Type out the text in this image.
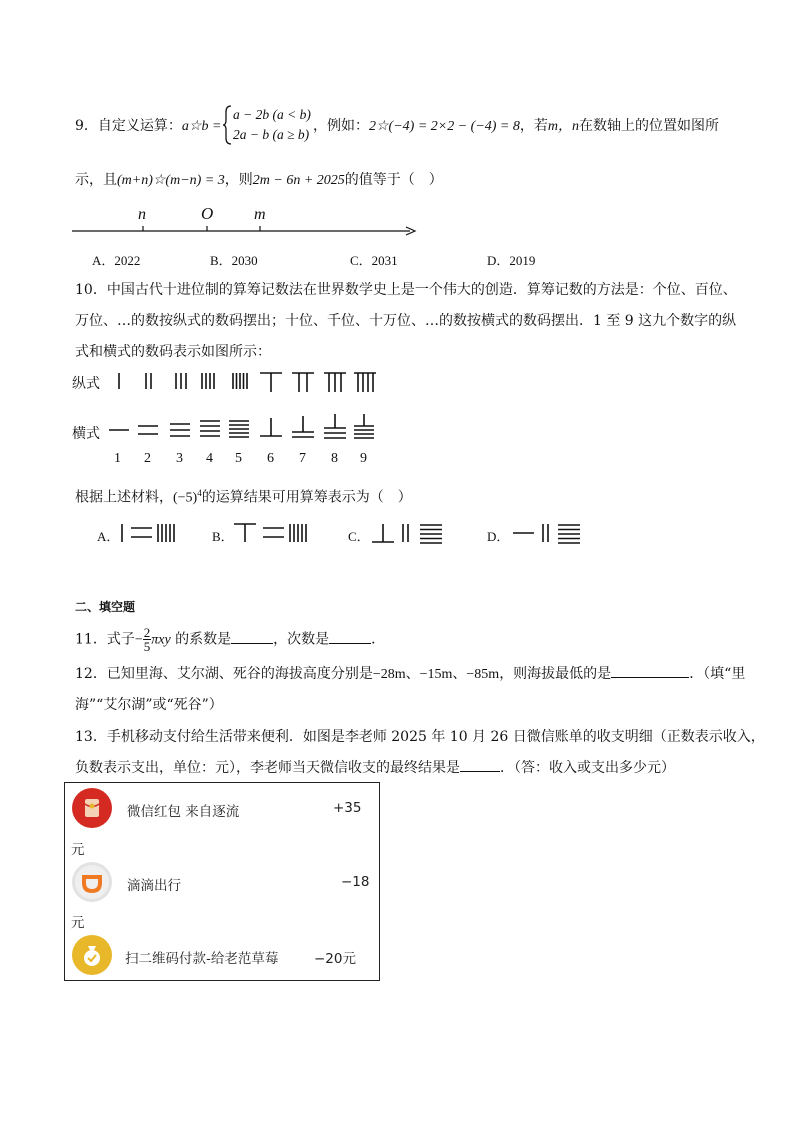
9．自定义运算：a☆b =
a − 2b (a < b)
2a − b (a ≥ b)
，例如：2☆(−4) = 2×2 − (−4) = 8，若m，n在数轴上的位置如图所
示，且(m+n)☆(m−n) = 3，则2m − 6n + 2025的值等于（　）
n	O	m
A．2022	B．2030	C．2031	D．2019
10．中国古代十进位制的算筹记数法在世界数学史上是一个伟大的创造．算筹记数的方法是：个位、百位、
万位、…的数按纵式的数码摆出；十位、千位、十万位、…的数按横式的数码摆出．1 至 9 这九个数字的纵
式和横式的数码表示如图所示：
纵式
横式
1 2 3 4 5 6 7 8 9
根据上述材料，$(-5)^4$的运算结果可用算筹表示为（　）
A．	B．	C．	D．
二、填空题
11．式子− $\frac{2}{5}$ πxy 的系数是	，次数是	．
12．已知里海、艾尔湖、死谷的海拔高度分别是−28m、−15m、−85m，则海拔最低的是	．（填“里
海”“艾尔湖”或“死谷”）
13．手机移动支付给生活带来便利．如图是李老师 2025 年 10 月 26 日微信账单的收支明细（正数表示收入，
负数表示支出，单位：元），李老师当天微信收支的最终结果是	．（答：收入或支出多少元）
微信红包 来自逐流	+35
元
滴滴出行	−18
元
扫二维码付款-给老范草莓	−20元
